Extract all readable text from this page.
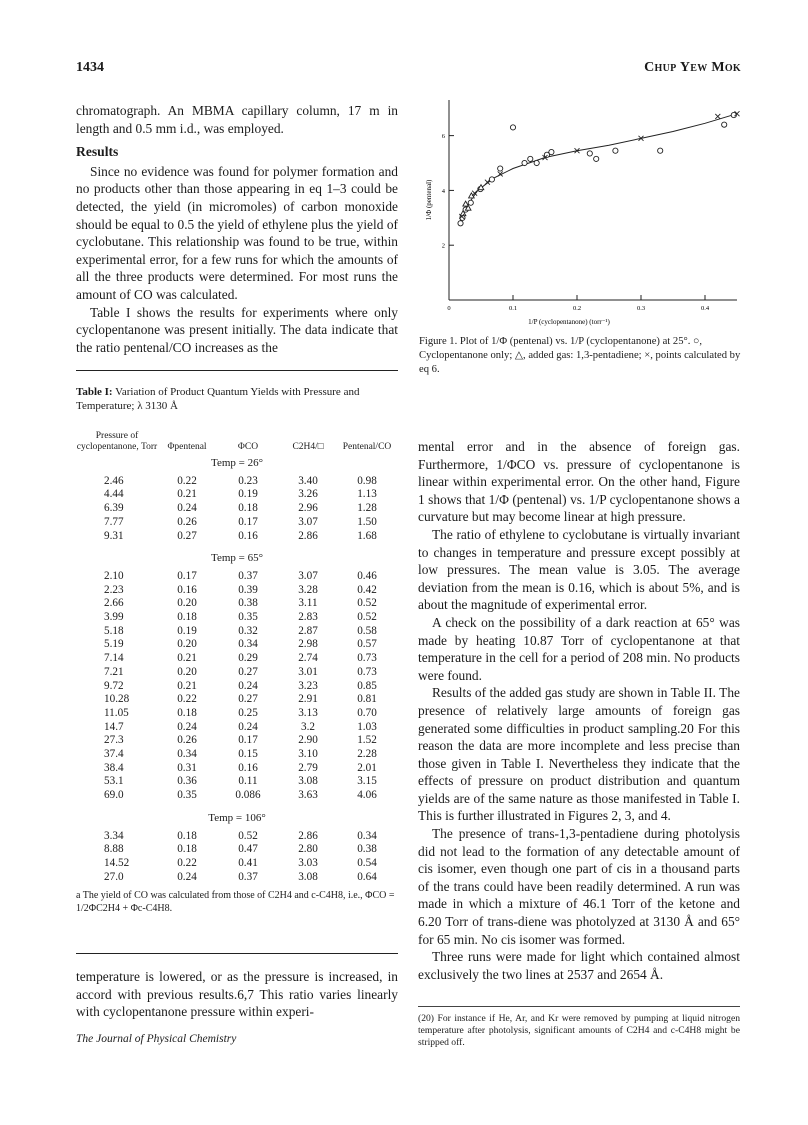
1434	Chup Yew Mok

chromatograph. An MBMA capillary column, 17 m in length and 0.5 mm i.d., was employed.

Results

Since no evidence was found for polymer formation and no products other than those appearing in eq 1–3 could be detected, the yield (in micromoles) of carbon monoxide should be equal to 0.5 the yield of ethylene plus the yield of cyclobutane. This relationship was found to be true, within experimental error, for a few runs for which the amounts of all the three products were determined. For most runs the amount of CO was calculated.

Table I shows the results for experiments where only cyclopentanone was present initially. The data indicate that the ratio pentenal/CO increases as the

Table I: Variation of Product Quantum Yields with Pressure and Temperature; λ 3130 Å
Pressure of cyclopentanone, Torr	Φpentenal	ΦCO	C2H4/□	Pentenal/CO
Temp = 26°				
2.46	0.22	0.23	3.40	0.98
4.44	0.21	0.19	3.26	1.13
6.39	0.24	0.18	2.96	1.28
7.77	0.26	0.17	3.07	1.50
9.31	0.27	0.16	2.86	1.68

Temp = 65°				
2.10	0.17	0.37	3.07	0.46
2.23	0.16	0.39	3.28	0.42
2.66	0.20	0.38	3.11	0.52
3.99	0.18	0.35	2.83	0.52
5.18	0.19	0.32	2.87	0.58
5.19	0.20	0.34	2.98	0.57
7.14	0.21	0.29	2.74	0.73
7.21	0.20	0.27	3.01	0.73
9.72	0.21	0.24	3.23	0.85
10.28	0.22	0.27	2.91	0.81
11.05	0.18	0.25	3.13	0.70
14.7	0.24	0.24	3.2	1.03
27.3	0.26	0.17	2.90	1.52
37.4	0.34	0.15	3.10	2.28
38.4	0.31	0.16	2.79	2.01
53.1	0.36	0.11	3.08	3.15
69.0	0.35	0.086	3.63	4.06

Temp = 106°				
3.34	0.18	0.52	2.86	0.34
8.88	0.18	0.47	2.80	0.38
14.52	0.22	0.41	3.03	0.54
27.0	0.24	0.37	3.08	0.64
a The yield of CO was calculated from those of C2H4 and c-C4H8, i.e., ΦCO = 1/2ΦC2H4 + Φc-C4H8.

temperature is lowered, or as the pressure is increased, in accord with previous results.6,7 This ratio varies linearly with cyclopentanone pressure within experi-

The Journal of Physical Chemistry
0	0.1	0.2	0.3	0.4
2
4
6
1/Φ (pentenal)
1/P (cyclopentanone) (torr⁻¹)
Figure 1. Plot of 1/Φ (pentenal) vs. 1/P (cyclopentanone) at 25°. ○, Cyclopentanone only; △, added gas: 1,3-pentadiene; ×, points calculated by eq 6.

mental error and in the absence of foreign gas. Furthermore, 1/ΦCO vs. pressure of cyclopentanone is linear within experimental error. On the other hand, Figure 1 shows that 1/Φ (pentenal) vs. 1/P cyclopentanone shows a curvature but may become linear at high pressure.

The ratio of ethylene to cyclobutane is virtually invariant to changes in temperature and pressure except possibly at low pressures. The mean value is 3.05. The average deviation from the mean is 0.16, which is about 5%, and is about the magnitude of experimental error.

A check on the possibility of a dark reaction at 65° was made by heating 10.87 Torr of cyclopentanone at that temperature in the cell for a period of 208 min. No products were found.

Results of the added gas study are shown in Table II. The presence of relatively large amounts of foreign gas generated some difficulties in product sampling.20 For this reason the data are more incomplete and less precise than those given in Table I. Nevertheless they indicate that the effects of pressure on product distribution and quantum yields are of the same nature as those manifested in Table I. This is further illustrated in Figures 2, 3, and 4.

The presence of trans-1,3-pentadiene during photolysis did not lead to the formation of any detectable amount of cis isomer, even though one part of cis in a thousand parts of the trans could have been readily determined. A run was made in which a mixture of 46.1 Torr of the ketone and 6.20 Torr of trans-diene was photolyzed at 3130 Å and 65° for 65 min. No cis isomer was formed.

Three runs were made for light which contained almost exclusively the two lines at 2537 and 2654 Å.

(20) For instance if He, Ar, and Kr were removed by pumping at liquid nitrogen temperature after photolysis, significant amounts of C2H4 and c-C4H8 might be stripped off.
